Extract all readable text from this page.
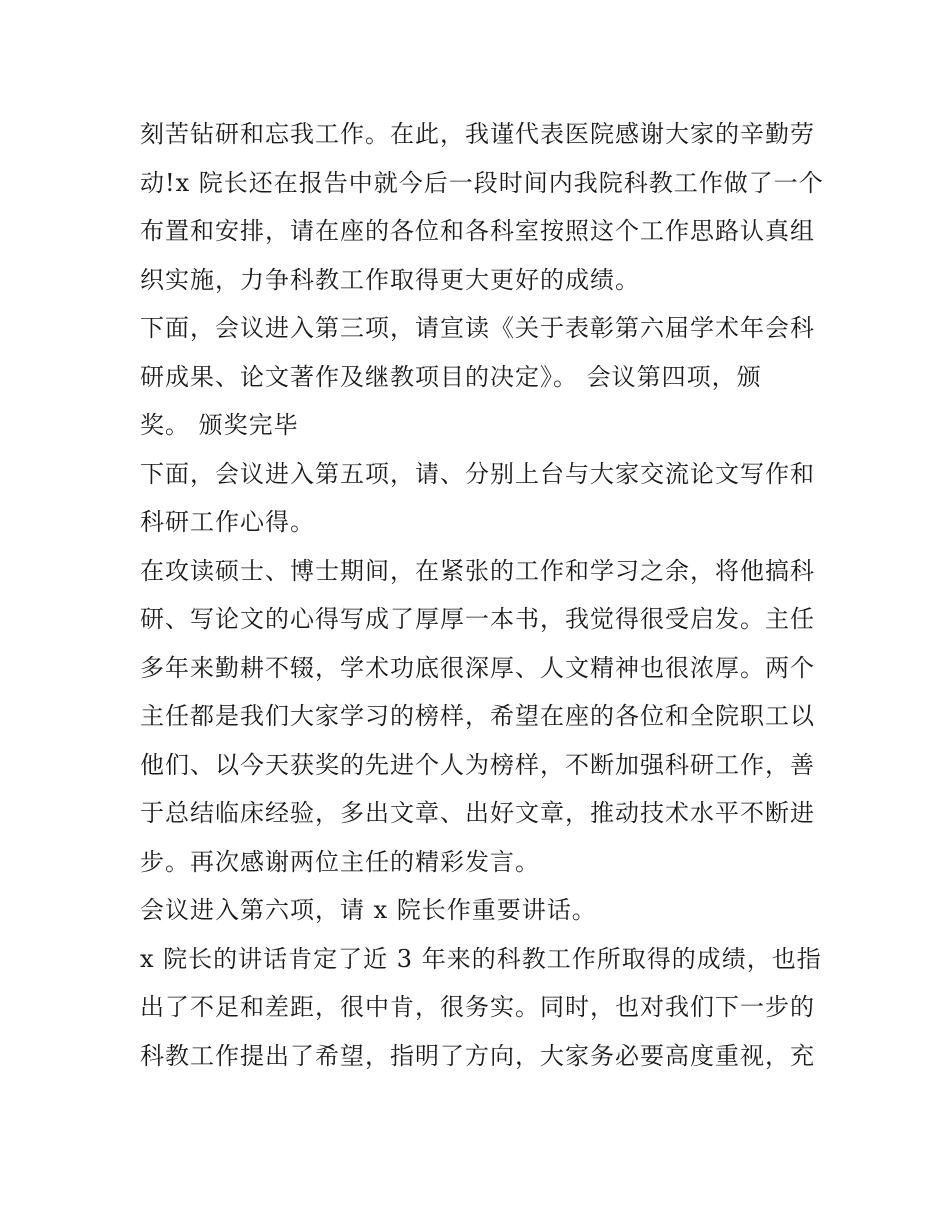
刻苦钻研和忘我工作。在此，我谨代表医院感谢大家的辛勤劳
动!x 院长还在报告中就今后一段时间内我院科教工作做了一个
布置和安排，请在座的各位和各科室按照这个工作思路认真组
织实施，力争科教工作取得更大更好的成绩。
下面，会议进入第三项，请宣读《关于表彰第六届学术年会科
研成果、论文著作及继教项目的决定》。 会议第四项，颁
奖。 颁奖完毕
下面，会议进入第五项，请、分别上台与大家交流论文写作和
科研工作心得。
在攻读硕士、博士期间，在紧张的工作和学习之余，将他搞科
研、写论文的心得写成了厚厚一本书，我觉得很受启发。主任
多年来勤耕不辍，学术功底很深厚、人文精神也很浓厚。两个
主任都是我们大家学习的榜样，希望在座的各位和全院职工以
他们、以今天获奖的先进个人为榜样，不断加强科研工作，善
于总结临床经验，多出文章、出好文章，推动技术水平不断进
步。再次感谢两位主任的精彩发言。
会议进入第六项，请 x 院长作重要讲话。
x 院长的讲话肯定了近 3 年来的科教工作所取得的成绩，也指
出了不足和差距，很中肯，很务实。同时，也对我们下一步的
科教工作提出了希望，指明了方向，大家务必要高度重视，充
